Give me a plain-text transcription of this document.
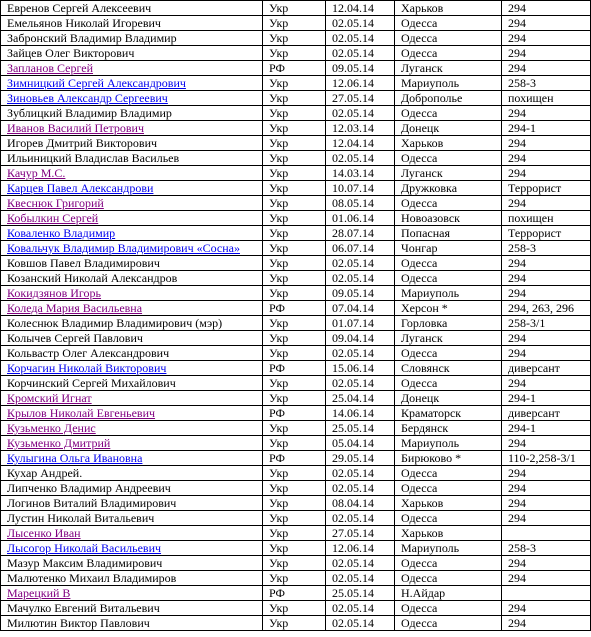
Евренов Сергей Алексеевич	Укр	12.04.14	Харьков	294
Емельянов Николай Игоревич	Укр	02.05.14	Одесса	294
Забронский Владимир Владимир	Укр	02.05.14	Одесса	294
Зайцев Олег Викторович	Укр	02.05.14	Одесса	294
Запланов Сергей	РФ	09.05.14	Луганск	294
Зимницкий Сергей Александрович	Укр	12.06.14	Мариуполь	258-3
Зиновьев Александр Сергеевич	Укр	27.05.14	Доброполье	похищен
Зублицкий Владимир Владимир	Укр	02.05.14	Одесса	294
Иванов Василий Петрович	Укр	12.03.14	Донецк	294-1
Игорев Дмитрий Викторович	Укр	12.04.14	Харьков	294
Ильиницкий Владислав Васильев	Укр	02.05.14	Одесса	294
Качур М.С.	Укр	14.03.14	Луганск	294
Карцев Павел Александрови	Укр	10.07.14	Дружковка	Террорист
Квеснюк Григорий	Укр	08.05.14	Одесса	294
Кобылкин Сергей	Укр	01.06.14	Новоазовск	похищен
Коваленко Владимир	Укр	28.07.14	Попасная	Террорист
Ковальчук Владимир Владимирович «Сосна»	Укр	06.07.14	Чонгар	258-3
Ковшов Павел Владимирович	Укр	02.05.14	Одесса	294
Козанский Николай Александров	Укр	02.05.14	Одесса	294
Кокидзянов Игорь	Укр	09.05.14	Мариуполь	294
Коледа Мария Васильевна	РФ	07.04.14	Херсон *	294, 263, 296
Колеснюк Владимир Владимирович (мэр)	Укр	01.07.14	Горловка	258-3/1
Колычев Сергей Павлович	Укр	09.04.14	Луганск	294
Кольвастр Олег Александрович	Укр	02.05.14	Одесса	294
Корчагин Николай Викторович	РФ	15.06.14	Словянск	диверсант
Корчинский Сергей Михайлович	Укр	02.05.14	Одесса	294
Кромский Игнат	Укр	25.04.14	Донецк	294-1
Крылов Николай Евгеньевич	РФ	14.06.14	Краматорск	диверсант
Кузьменко Денис	Укр	25.05.14	Бердянск	294-1
Кузьменко Дмитрий	Укр	05.04.14	Мариуполь	294
Кулыгина Ольга Ивановна	РФ	29.05.14	Бирюково *	110-2,258-3/1
Кухар Андрей.	Укр	02.05.14	Одесса	294
Липченко Владимир Андреевич	Укр	02.05.14	Одесса	294
Логинов Виталий Владимирович	Укр	08.04.14	Харьков	294
Лустин Николай Витальевич	Укр	02.05.14	Одесса	294
Лысенко Иван	Укр	27.05.14	Харьков	
Лысогор Николай Васильевич	Укр	12.06.14	Мариуполь	258-3
Мазур Максим Владимирович	Укр	02.05.14	Одесса	294
Малютенко Михаил Владимиров	Укр	02.05.14	Одесса	294
Марецкий В	РФ	25.05.14	Н.Айдар	
Мачулко Евгений Витальевич	Укр	02.05.14	Одесса	294
Милютин Виктор Павлович	Укр	02.05.14	Одесса	294
